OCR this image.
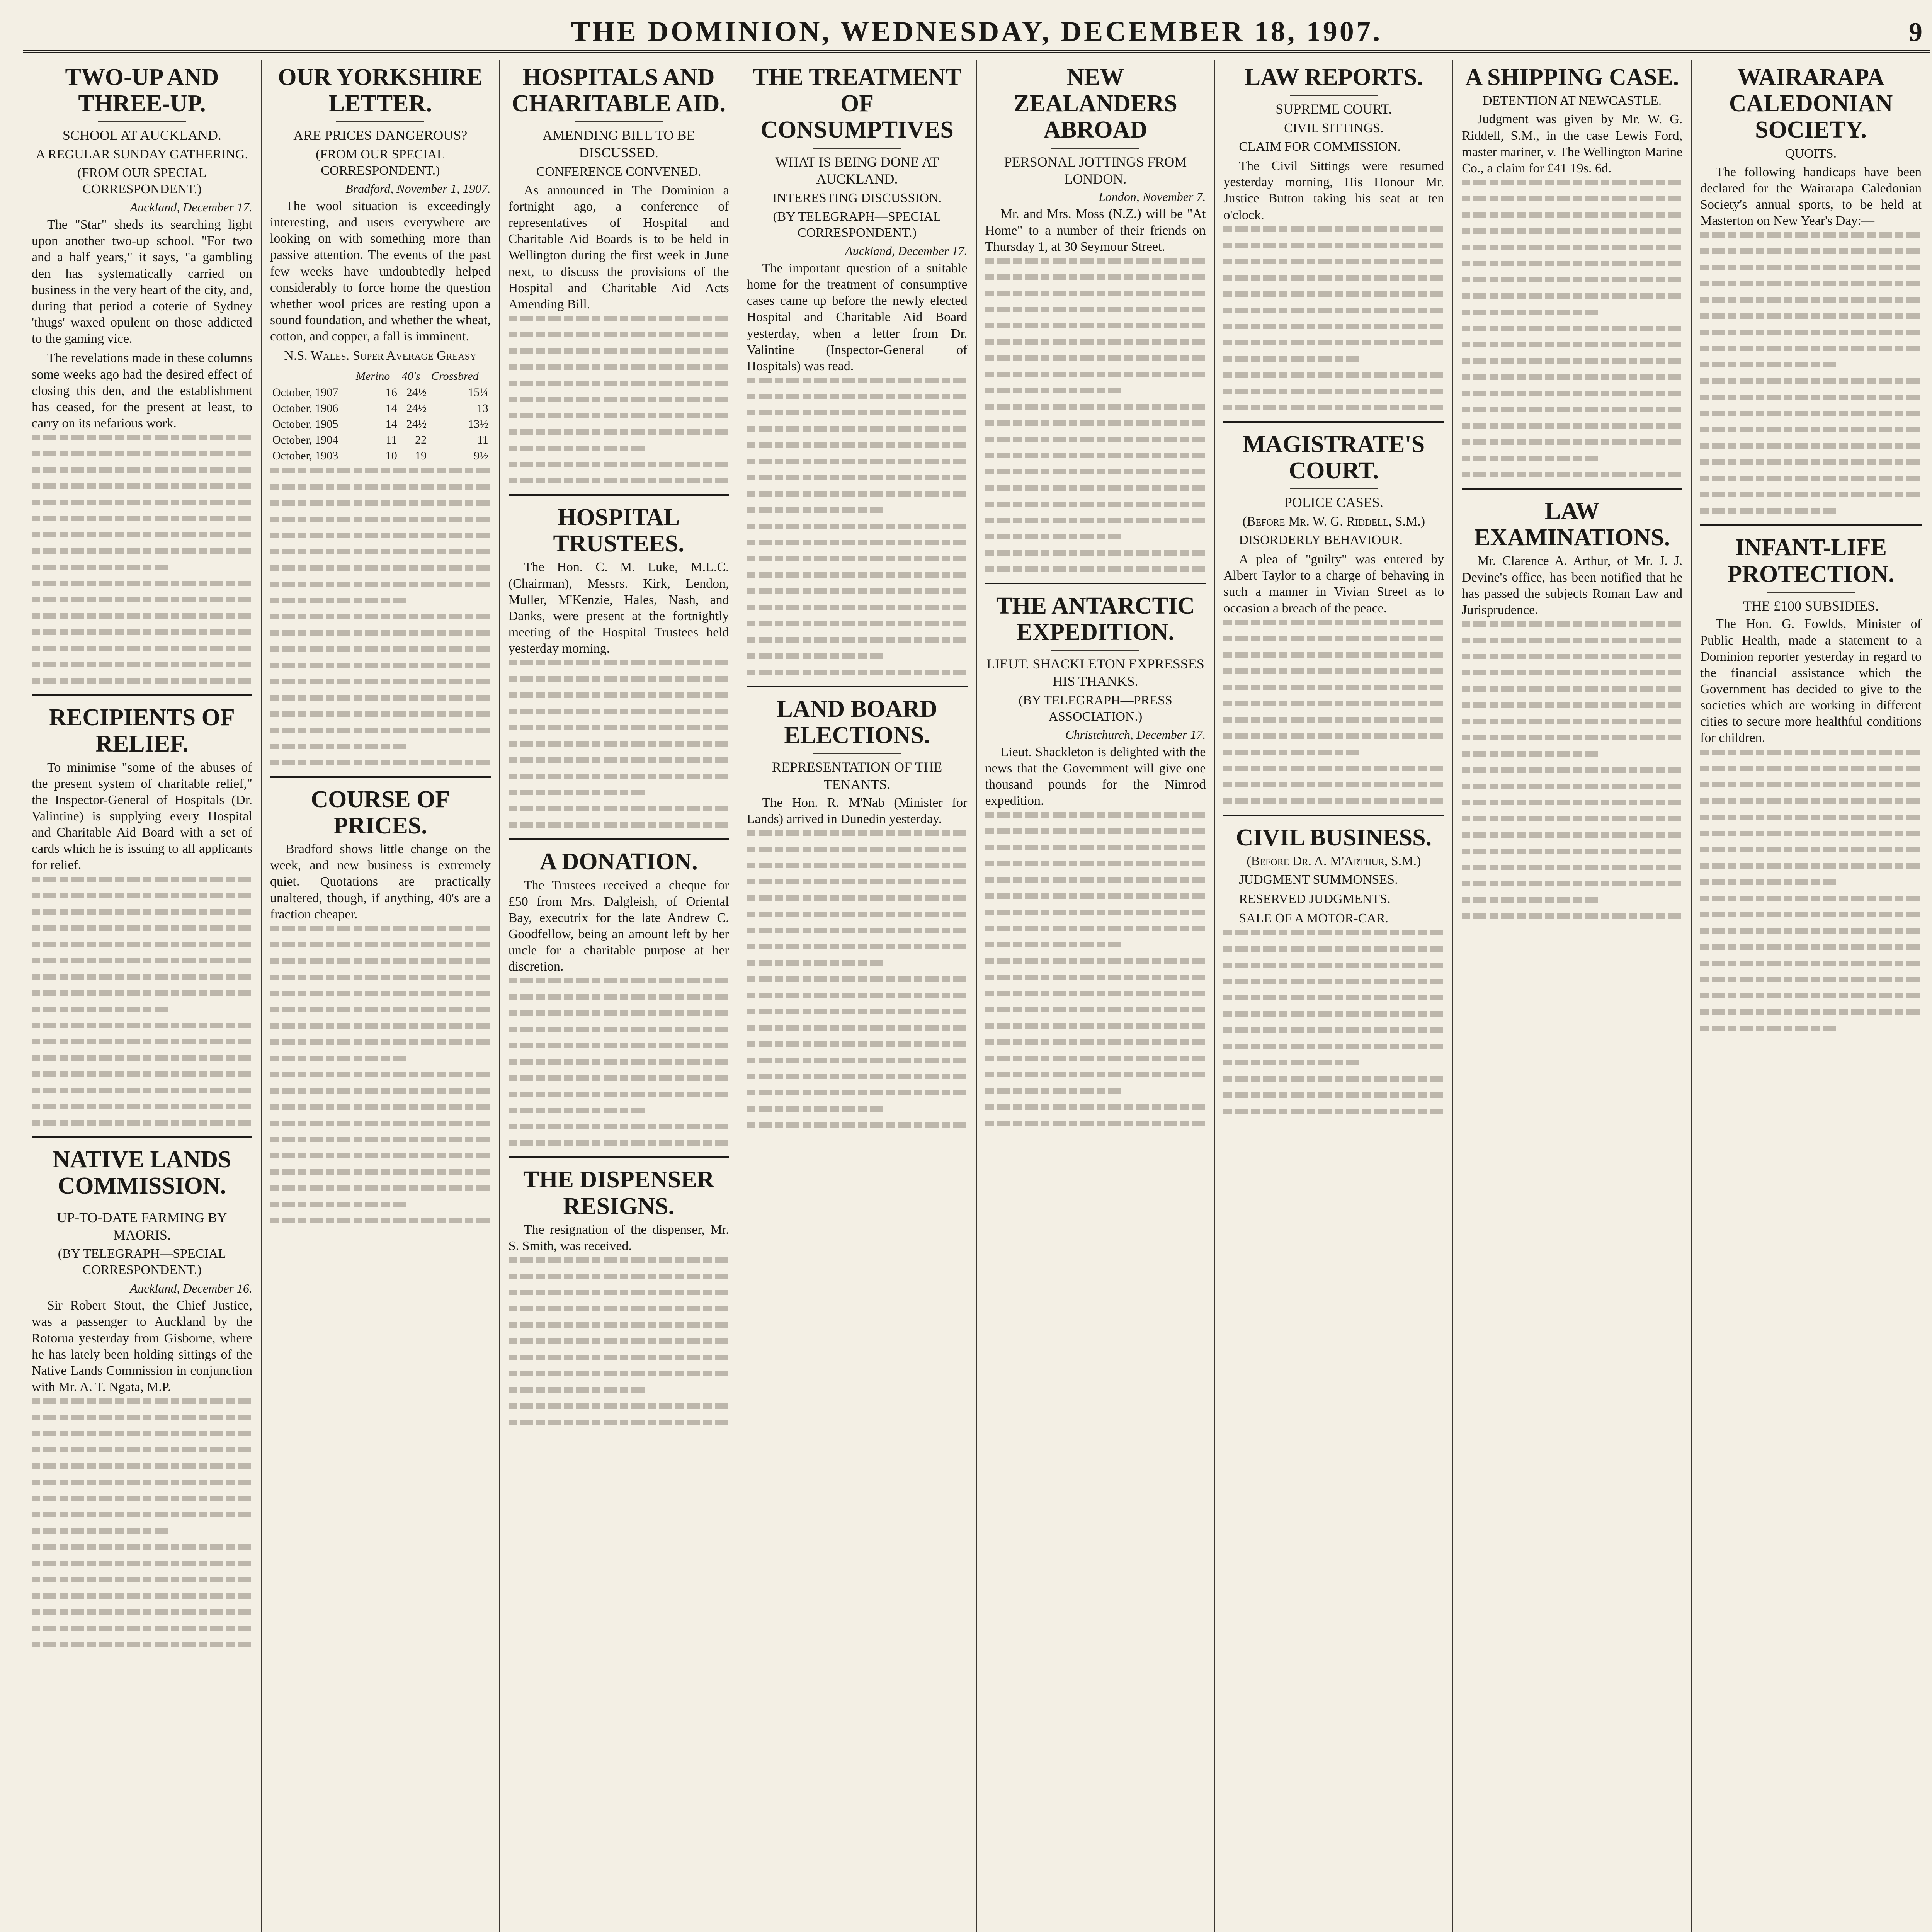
THE DOMINION, WEDNESDAY, DECEMBER 18, 1907.	9
TWO-UP AND THREE-UP.
SCHOOL AT AUCKLAND.
A REGULAR SUNDAY GATHERING.
(FROM OUR SPECIAL CORRESPONDENT.)
Auckland, December 17.

The "Star" sheds its searching light upon another two-up school. "For two and a half years," it says, "a gambling den has systematically carried on business in the very heart of the city, and, during that period a coterie of Sydney 'thugs' waxed opulent on those addicted to the gaming vice.

The revelations made in these columns some weeks ago had the desired effect of closing this den, and the establishment has ceased, for the present at least, to carry on its nefarious work.

RECIPIENTS OF RELIEF.

To minimise "some of the abuses of the present system of charitable relief," the Inspector-General of Hospitals (Dr. Valintine) is supplying every Hospital and Charitable Aid Board with a set of cards which he is issuing to all applicants for relief.

NATIVE LANDS COMMISSION.
UP-TO-DATE FARMING BY MAORIS.
(BY TELEGRAPH—SPECIAL CORRESPONDENT.)
Auckland, December 16.

Sir Robert Stout, the Chief Justice, was a passenger to Auckland by the Rotorua yesterday from Gisborne, where he has lately been holding sittings of the Native Lands Commission in conjunction with Mr. A. T. Ngata, M.P.

OUR YORKSHIRE LETTER.
ARE PRICES DANGEROUS?
(FROM OUR SPECIAL CORRESPONDENT.)
Bradford, November 1, 1907.

The wool situation is exceedingly interesting, and users everywhere are looking on with something more than passive attention. The events of the past few weeks have undoubtedly helped considerably to force home the question whether wool prices are resting upon a sound foundation, and whether the wheat, cotton, and copper, a fall is imminent.

N.S. Wales. Super Average Greasy
	Merino	40's	Crossbred
October, 1907	16	24½	15¼
October, 1906	14	24½	13
October, 1905	14	24½	13½
October, 1904	11	22	11
October, 1903	10	19	9½
COURSE OF PRICES.

Bradford shows little change on the week, and new business is extremely quiet. Quotations are practically unaltered, though, if anything, 40's are a fraction cheaper.

HOSPITALS AND CHARITABLE AID.
AMENDING BILL TO BE DISCUSSED.
CONFERENCE CONVENED.

As announced in The Dominion a fortnight ago, a conference of representatives of Hospital and Charitable Aid Boards is to be held in Wellington during the first week in June next, to discuss the provisions of the Hospital and Charitable Aid Acts Amending Bill.

HOSPITAL TRUSTEES.

The Hon. C. M. Luke, M.L.C. (Chairman), Messrs. Kirk, Lendon, Muller, M'Kenzie, Hales, Nash, and Danks, were present at the fortnightly meeting of the Hospital Trustees held yesterday morning.

A DONATION.

The Trustees received a cheque for £50 from Mrs. Dalgleish, of Oriental Bay, executrix for the late Andrew C. Goodfellow, being an amount left by her uncle for a charitable purpose at her discretion.

THE DISPENSER RESIGNS.

The resignation of the dispenser, Mr. S. Smith, was received.

THE TREATMENT OF CONSUMPTIVES
WHAT IS BEING DONE AT AUCKLAND.
INTERESTING DISCUSSION.
(BY TELEGRAPH—SPECIAL CORRESPONDENT.)
Auckland, December 17.

The important question of a suitable home for the treatment of consumptive cases came up before the newly elected Hospital and Charitable Aid Board yesterday, when a letter from Dr. Valintine (Inspector-General of Hospitals) was read.

LAND BOARD ELECTIONS.
REPRESENTATION OF THE TENANTS.

The Hon. R. M'Nab (Minister for Lands) arrived in Dunedin yesterday.

NEW ZEALANDERS ABROAD
PERSONAL JOTTINGS FROM LONDON.
London, November 7.

Mr. and Mrs. Moss (N.Z.) will be "At Home" to a number of their friends on Thursday 1, at 30 Seymour Street.

THE ANTARCTIC EXPEDITION.
LIEUT. SHACKLETON EXPRESSES HIS THANKS.
(BY TELEGRAPH—PRESS ASSOCIATION.)
Christchurch, December 17.

Lieut. Shackleton is delighted with the news that the Government will give one thousand pounds for the Nimrod expedition.

LAW REPORTS.
SUPREME COURT.
CIVIL SITTINGS.

CLAIM FOR COMMISSION.

The Civil Sittings were resumed yesterday morning, His Honour Mr. Justice Button taking his seat at ten o'clock.

MAGISTRATE'S COURT.
POLICE CASES.
(Before Mr. W. G. Riddell, S.M.)

DISORDERLY BEHAVIOUR.

A plea of "guilty" was entered by Albert Taylor to a charge of behaving in such a manner in Vivian Street as to occasion a breach of the peace.

CIVIL BUSINESS.
(Before Dr. A. M'Arthur, S.M.)

JUDGMENT SUMMONSES.

RESERVED JUDGMENTS.

SALE OF A MOTOR-CAR.

A SHIPPING CASE.
DETENTION AT NEWCASTLE.

Judgment was given by Mr. W. G. Riddell, S.M., in the case Lewis Ford, master mariner, v. The Wellington Marine Co., a claim for £41 19s. 6d.

LAW EXAMINATIONS.

Mr. Clarence A. Arthur, of Mr. J. J. Devine's office, has been notified that he has passed the subjects Roman Law and Jurisprudence.

WAIRARAPA CALEDONIAN SOCIETY.
QUOITS.

The following handicaps have been declared for the Wairarapa Caledonian Society's annual sports, to be held at Masterton on New Year's Day:—

INFANT-LIFE PROTECTION.
THE £100 SUBSIDIES.

The Hon. G. Fowlds, Minister of Public Health, made a statement to a Dominion reporter yesterday in regard to the financial assistance which the Government has decided to give to the societies which are working in different cities to secure more healthful conditions for children.
